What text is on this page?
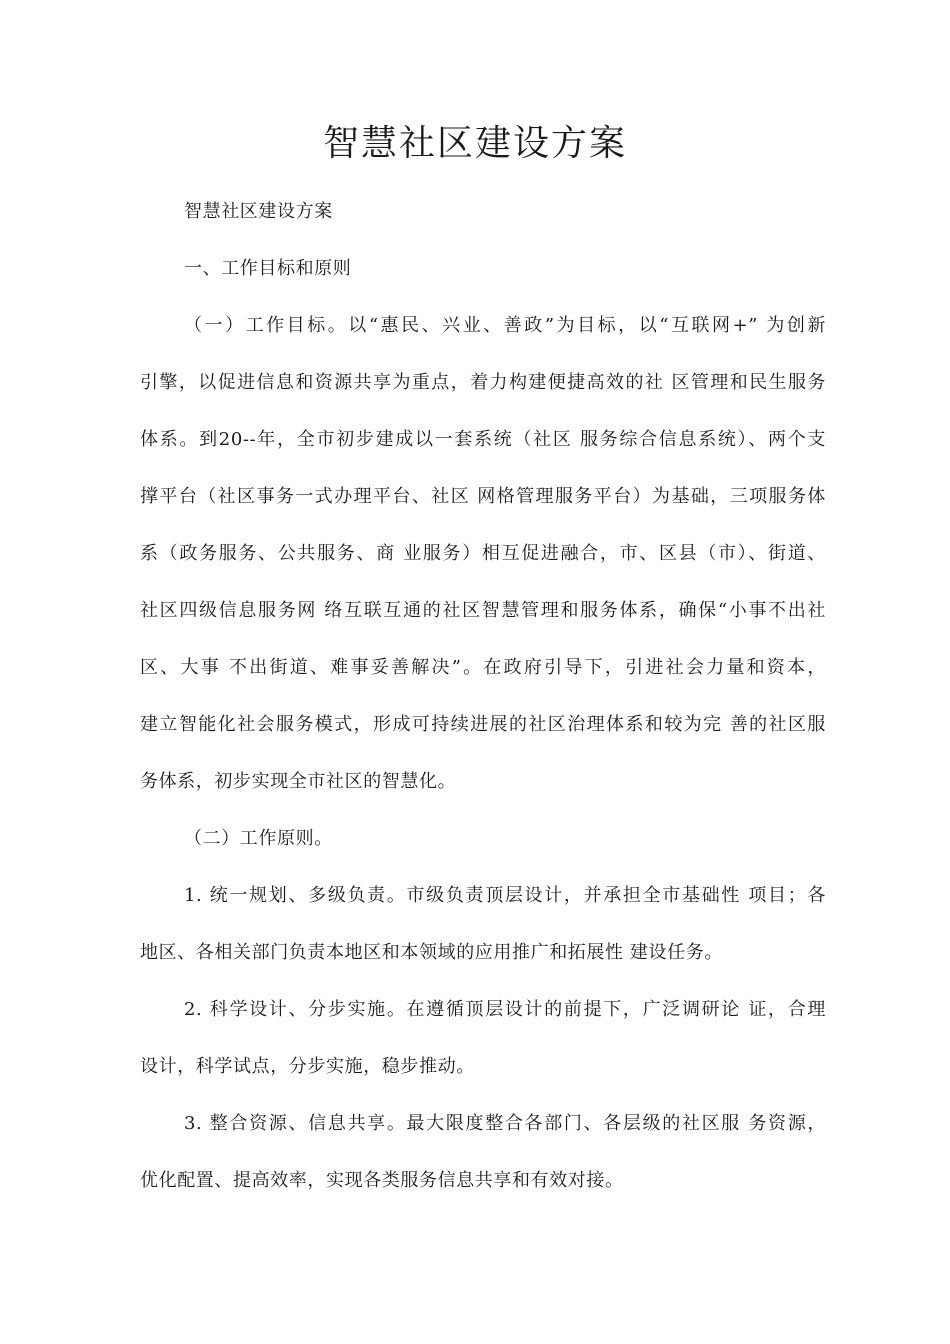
智慧社区建设方案

智慧社区建设方案

一、工作目标和原则

（一）工作目标。以“惠民、兴业、善政”为目标，以“互联网+” 为创新

引擎，以促进信息和资源共享为重点，着力构建便捷高效的社 区管理和民生服务

体系。到20--年，全市初步建成以一套系统（社区 服务综合信息系统）、两个支

撑平台（社区事务一式办理平台、社区 网格管理服务平台）为基础，三项服务体

系（政务服务、公共服务、商 业服务）相互促进融合，市、区县（市）、街道、

社区四级信息服务网 络互联互通的社区智慧管理和服务体系，确保“小事不出社

区、大事 不出街道、难事妥善解决”。在政府引导下，引进社会力量和资本，

建立智能化社会服务模式，形成可持续进展的社区治理体系和较为完 善的社区服

务体系，初步实现全市社区的智慧化。

（二）工作原则。

1. 统一规划、多级负责。市级负责顶层设计，并承担全市基础性 项目；各

地区、各相关部门负责本地区和本领域的应用推广和拓展性 建设任务。

2. 科学设计、分步实施。在遵循顶层设计的前提下，广泛调研论 证，合理

设计，科学试点，分步实施，稳步推动。

3. 整合资源、信息共享。最大限度整合各部门、各层级的社区服 务资源，

优化配置、提高效率，实现各类服务信息共享和有效对接。
